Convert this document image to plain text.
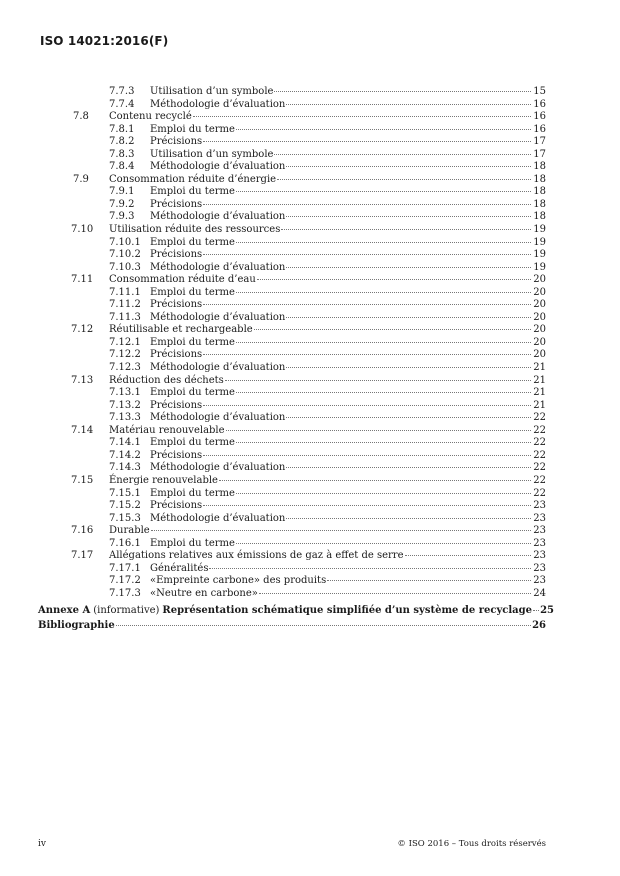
ISO 14021:2016(F)
7.7.3	Utilisation d’un symbole	15
7.7.4	Méthodologie d’évaluation	16
7.8	Contenu recyclé	16
7.8.1	Emploi du terme	16
7.8.2	Précisions	17
7.8.3	Utilisation d’un symbole	17
7.8.4	Méthodologie d’évaluation	18
7.9	Consommation réduite d’énergie	18
7.9.1	Emploi du terme	18
7.9.2	Précisions	18
7.9.3	Méthodologie d’évaluation	18
7.10	Utilisation réduite des ressources	19
7.10.1 Emploi du terme	19
7.10.2 Précisions	19
7.10.3 Méthodologie d’évaluation	19
7.11	Consommation réduite d’eau	20
7.11.1 Emploi du terme	20
7.11.2 Précisions	20
7.11.3 Méthodologie d’évaluation	20
7.12	Réutilisable et rechargeable	20
7.12.1 Emploi du terme	20
7.12.2 Précisions	20
7.12.3 Méthodologie d’évaluation	21
7.13	Réduction des déchets	21
7.13.1 Emploi du terme	21
7.13.2 Précisions	21
7.13.3 Méthodologie d’évaluation	22
7.14	Matériau renouvelable	22
7.14.1 Emploi du terme	22
7.14.2 Précisions	22
7.14.3 Méthodologie d’évaluation	22
7.15	Énergie renouvelable	22
7.15.1 Emploi du terme	22
7.15.2 Précisions	23
7.15.3 Méthodologie d’évaluation	23
7.16	Durable	23
7.16.1 Emploi du terme	23
7.17	Allégations relatives aux émissions de gaz à effet de serre	23
7.17.1 Généralités	23
7.17.2 «Empreinte carbone» des produits	23
7.17.3 «Neutre en carbone»	24
Annexe A (informative) Représentation schématique simplifiée d’un système de recyclage 25
Bibliographie	26
iv	© ISO 2016 – Tous droits réservés
